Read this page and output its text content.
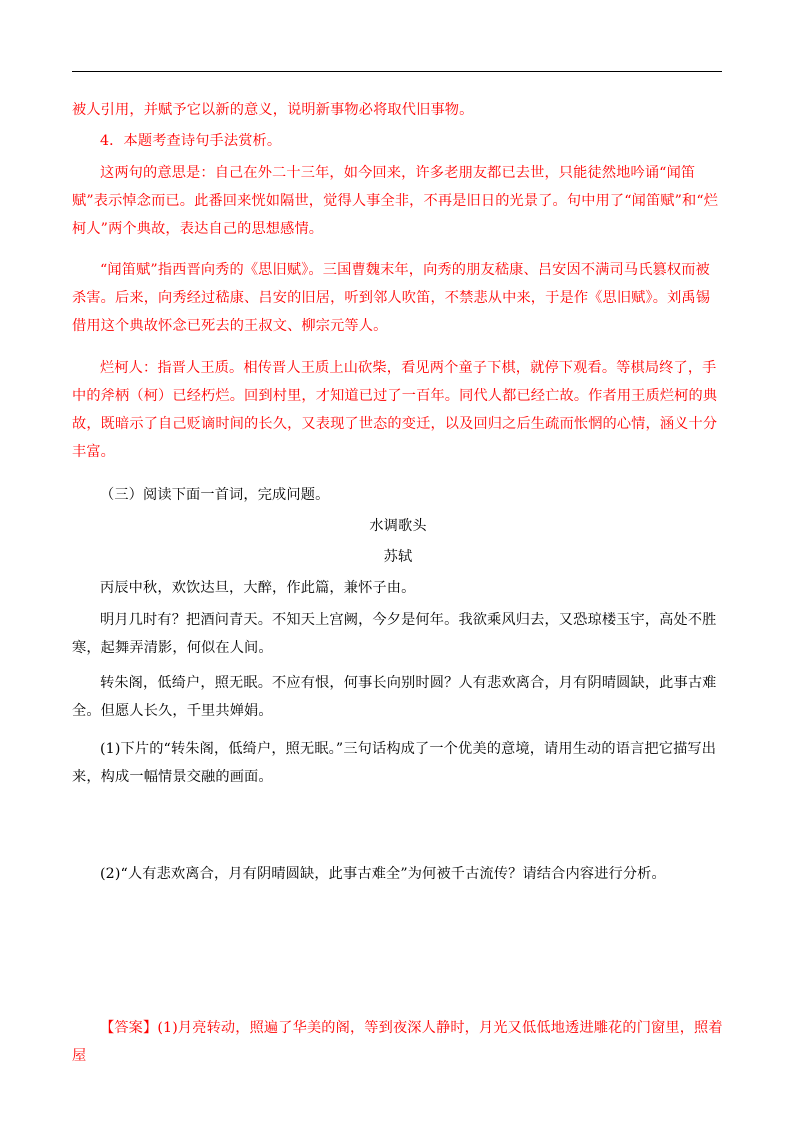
被人引用，并赋予它以新的意义，说明新事物必将取代旧事物。

4．本题考查诗句手法赏析。

这两句的意思是：自己在外二十三年，如今回来，许多老朋友都已去世，只能徒然地吟诵“闻笛赋”表示悼念而已。此番回来恍如隔世，觉得人事全非，不再是旧日的光景了。句中用了“闻笛赋”和“烂柯人”两个典故，表达自己的思想感情。

“闻笛赋”指西晋向秀的《思旧赋》。三国曹魏末年，向秀的朋友嵇康、吕安因不满司马氏篡权而被杀害。后来，向秀经过嵇康、吕安的旧居，听到邻人吹笛，不禁悲从中来，于是作《思旧赋》。刘禹锡借用这个典故怀念已死去的王叔文、柳宗元等人。

烂柯人：指晋人王质。相传晋人王质上山砍柴，看见两个童子下棋，就停下观看。等棋局终了，手中的斧柄（柯）已经朽烂。回到村里，才知道已过了一百年。同代人都已经亡故。作者用王质烂柯的典故，既暗示了自己贬谪时间的长久，又表现了世态的变迁，以及回归之后生疏而怅惘的心情，涵义十分丰富。

（三）阅读下面一首词，完成问题。

水调歌头

苏轼

丙辰中秋，欢饮达旦，大醉，作此篇，兼怀子由。

明月几时有？把酒问青天。不知天上宫阙，今夕是何年。我欲乘风归去，又恐琼楼玉宇，高处不胜寒，起舞弄清影，何似在人间。

转朱阁，低绮户，照无眠。不应有恨，何事长向别时圆？人有悲欢离合，月有阴晴圆缺，此事古难全。但愿人长久，千里共婵娟。

(1)下片的“转朱阁，低绮户，照无眠。”三句话构成了一个优美的意境，请用生动的语言把它描写出来，构成一幅情景交融的画面。

(2)“人有悲欢离合，月有阴晴圆缺，此事古难全”为何被千古流传？请结合内容进行分析。

【答案】(1)月亮转动，照遍了华美的阁，等到夜深人静时，月光又低低地透进雕花的门窗里，照着屋
